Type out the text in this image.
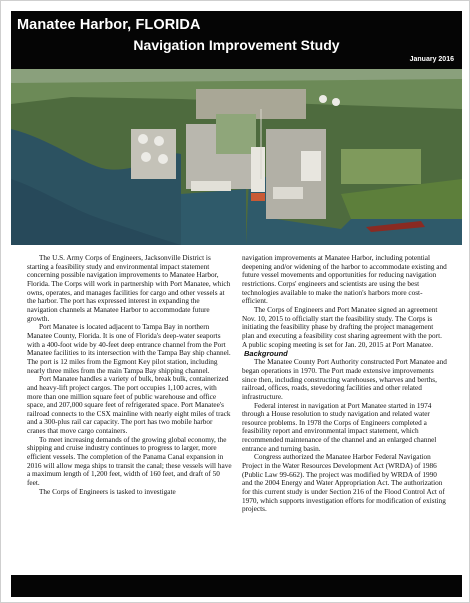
Manatee Harbor, FLORIDA
Navigation Improvement Study
January 2016

The U.S. Army Corps of Engineers, Jacksonville District is starting a feasibility study and environmental impact statement concerning possible navigation improvements to Manatee Harbor, Florida. The Corps will work in partnership with Port Manatee, which owns, operates, and manages facilities for cargo and other vessels at the harbor. The port has expressed interest in expanding the navigation channels at Manatee Harbor to accommodate future growth.

Port Manatee is located adjacent to Tampa Bay in northern Manatee County, Florida. It is one of Florida's deep-water seaports with a 400-foot wide by 40-feet deep entrance channel from the Port Manatee facilities to its intersection with the Tampa Bay ship channel. The port is 12 miles from the Egmont Key pilot station, including nearly three miles from the main Tampa Bay shipping channel.

Port Manatee handles a variety of bulk, break bulk, containerized and heavy-lift project cargos. The port occupies 1,100 acres, with more than one million square feet of public warehouse and office space, and 207,000 square feet of refrigerated space. Port Manatee's railroad connects to the CSX mainline with nearly eight miles of track and a 300-plus rail car capacity. The port has two mobile harbor cranes that move cargo containers.

To meet increasing demands of the growing global economy, the shipping and cruise industry continues to progress to larger, more efficient vessels. The completion of the Panama Canal expansion in 2016 will allow mega ships to transit the canal; these vessels will have a maximum length of 1,200 feet, width of 160 feet, and draft of 50 feet.

The Corps of Engineers is tasked to investigate

navigation improvements at Manatee Harbor, including potential deepening and/or widening of the harbor to accommodate existing and future vessel movements and opportunities for reducing navigation restrictions. Corps' engineers and scientists are using the best technologies available to make the nation's harbors more cost-efficient.

The Corps of Engineers and Port Manatee signed an agreement Nov. 10, 2015 to officially start the feasibility study. The Corps is initiating the feasibility phase by drafting the project management plan and executing a feasibility cost sharing agreement with the port. A public scoping meeting is set for Jan. 20, 2015 at Port Manatee.

Background

The Manatee County Port Authority constructed Port Manatee and began operations in 1970. The Port made extensive improvements since then, including constructing warehouses, wharves and berths, railroad, offices, roads, stevedoring facilities and other related infrastructure.

Federal interest in navigation at Port Manatee started in 1974 through a House resolution to study navigation and related water resource problems. In 1978 the Corps of Engineers completed a feasibility report and environmental impact statement, which recommended maintenance of the channel and an enlarged channel entrance and turning basin.

Congress authorized the Manatee Harbor Federal Navigation Project in the Water Resources Development Act (WRDA) of 1986 (Public Law 99-662). The project was modified by WRDA of 1990 and the 2004 Energy and Water Appropriation Act. The authorization for this current study is under Section 216 of the Flood Control Act of 1970, which supports investigation efforts for modification of existing projects.
